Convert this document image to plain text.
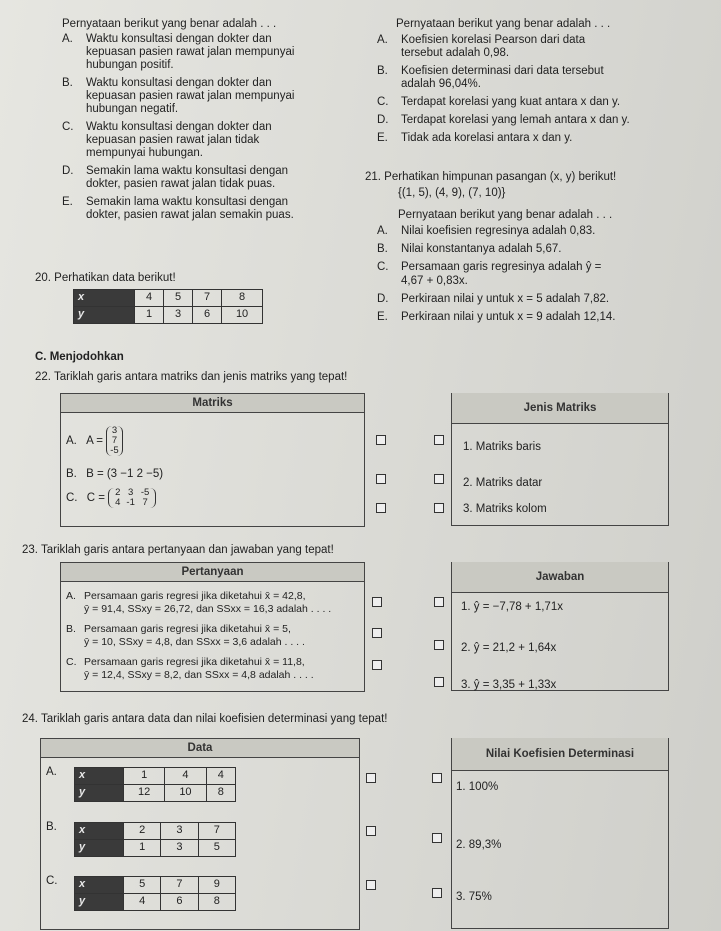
Pernyataan berikut yang benar adalah . . .
A. Waktu konsultasi dengan dokter dan
kepuasan pasien rawat jalan mempunyai
hubungan positif.
B. Waktu konsultasi dengan dokter dan
kepuasan pasien rawat jalan mempunyai
hubungan negatif.
C. Waktu konsultasi dengan dokter dan
kepuasan pasien rawat jalan tidak
mempunyai hubungan.
D. Semakin lama waktu konsultasi dengan
dokter, pasien rawat jalan tidak puas.
E. Semakin lama waktu konsultasi dengan
dokter, pasien rawat jalan semakin puas.
20. Perhatikan data berikut!
x	4	5	7	8
y	1	3	6	10
Pernyataan berikut yang benar adalah . . .
A. Koefisien korelasi Pearson dari data
tersebut adalah 0,98.
B. Koefisien determinasi dari data tersebut
adalah 96,04%.
C. Terdapat korelasi yang kuat antara x dan y.
D. Terdapat korelasi yang lemah antara x dan y.
E. Tidak ada korelasi antara x dan y.
21. Perhatikan himpunan pasangan (x, y) berikut!
{(1, 5), (4, 9), (7, 10)}
Pernyataan berikut yang benar adalah . . .
A. Nilai koefisien regresinya adalah 0,83.
B. Nilai konstantanya adalah 5,67.
C. Persamaan garis regresinya adalah ŷ =
4,67 + 0,83x.
D. Perkiraan nilai y untuk x = 5 adalah 7,82.
E. Perkiraan nilai y untuk x = 9 adalah 12,14.
C. Menjodohkan
22. Tariklah garis antara matriks dan jenis matriks yang tepat!
Matriks	Jenis Matriks
A. A =
3
7
-5
B. B = (3 −1 2 −5)
C. C = 2	3	-5
4	-1	7
1. Matriks baris
2. Matriks datar
3. Matriks kolom
23. Tariklah garis antara pertanyaan dan jawaban yang tepat!
Pertanyaan	Jawaban
A. Persamaan garis regresi jika diketahui x̄ = 42,8,
ȳ = 91,4, SSxy = 26,72, dan SSxx = 16,3 adalah . . . .
B. Persamaan garis regresi jika diketahui x̄ = 5,
ȳ = 10, SSxy = 4,8, dan SSxx = 3,6 adalah . . . .
C. Persamaan garis regresi jika diketahui x̄ = 11,8,
ȳ = 12,4, SSxy = 8,2, dan SSxx = 4,8 adalah . . . .
1. ŷ = −7,78 + 1,71x
2. ŷ = 21,2 + 1,64x
3. ŷ = 3,35 + 1,33x
24. Tariklah garis antara data dan nilai koefisien determinasi yang tepat!
Data	Nilai Koefisien Determinasi
A. x	1	4	4
y	12	10	8
B. x	2	3	7
y	1	3	5
C. x	5	7	9
y	4	6	8
1. 100%
2. 89,3%
3. 75%
